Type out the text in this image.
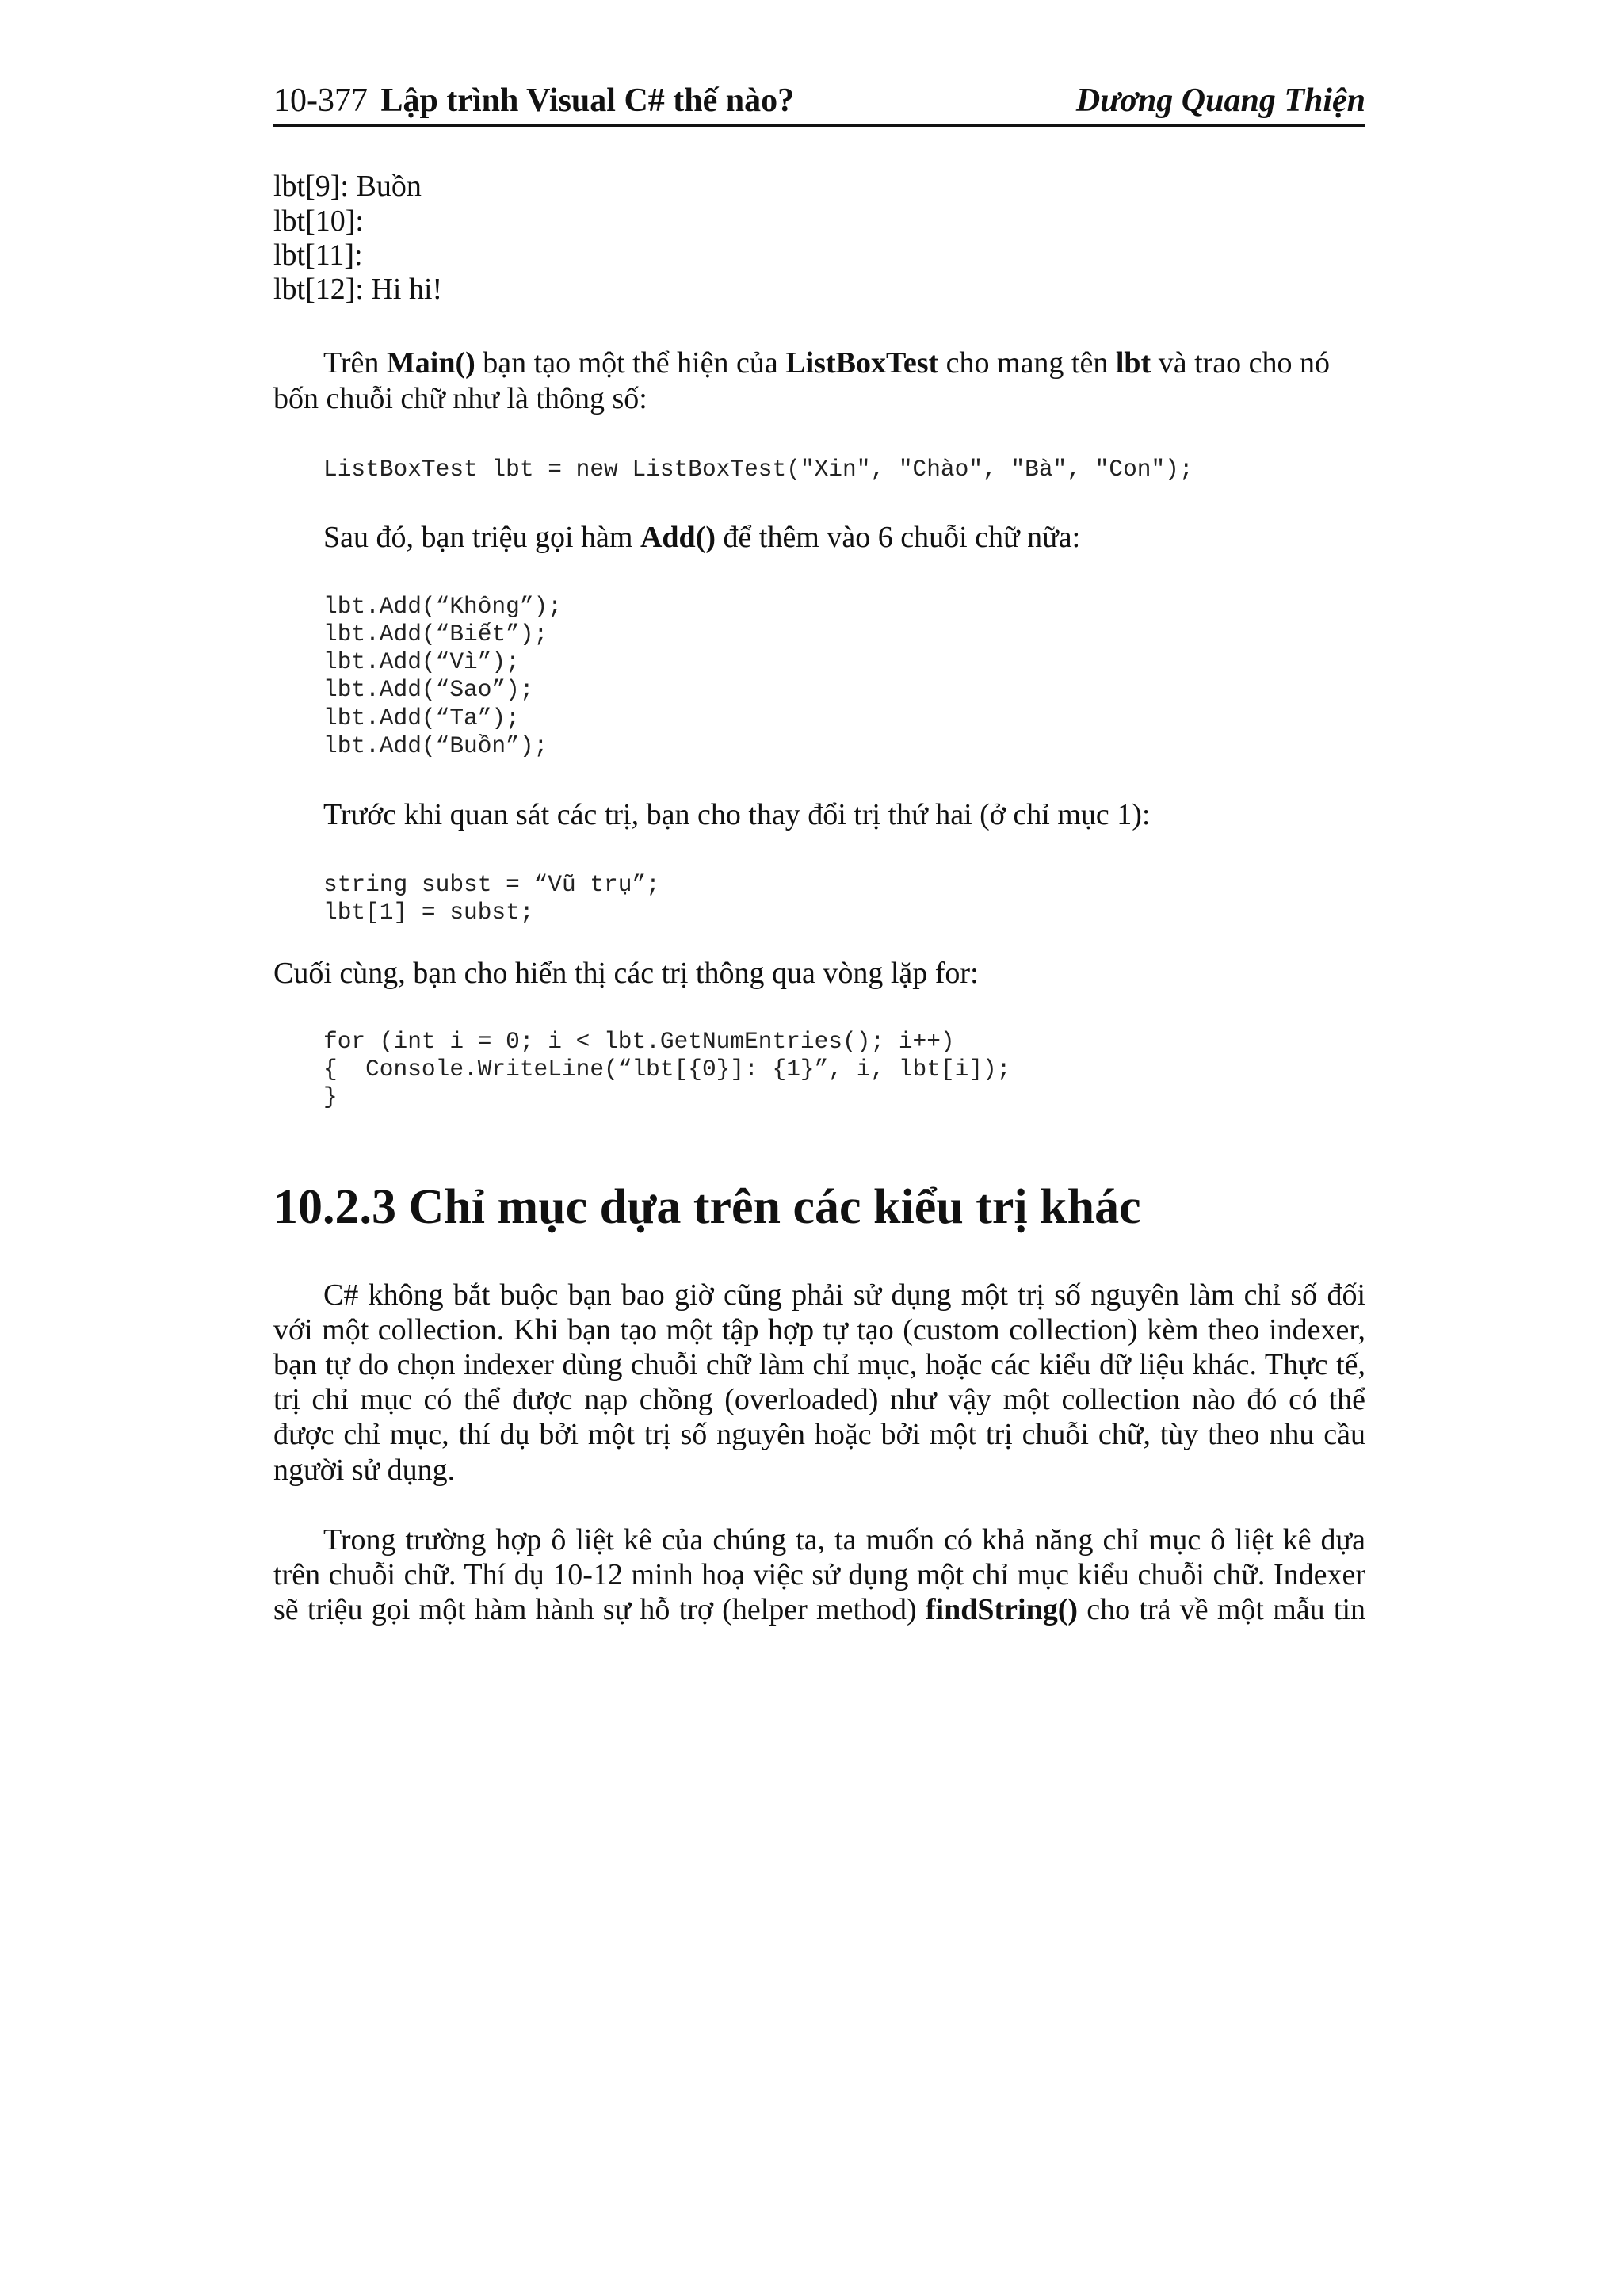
10-377 Lập trình Visual C# thế nào?	Dương Quang Thiện
lbt[9]: Buồn
lbt[10]:
lbt[11]:
lbt[12]: Hi hi!
Trên Main() bạn tạo một thể hiện của ListBoxTest cho mang tên lbt và trao cho nó
bốn chuỗi chữ như là thông số:
ListBoxTest lbt = new ListBoxTest("Xin", "Chào", "Bà", "Con");
Sau đó, bạn triệu gọi hàm Add() để thêm vào 6 chuỗi chữ nữa:
lbt.Add(“Không”);
lbt.Add(“Biết”);
lbt.Add(“Vì”);
lbt.Add(“Sao”);
lbt.Add(“Ta”);
lbt.Add(“Buồn”);
Trước khi quan sát các trị, bạn cho thay đổi trị thứ hai (ở chỉ mục 1):
string subst = “Vũ trụ”;
lbt[1] = subst;
Cuối cùng, bạn cho hiển thị các trị thông qua vòng lặp for:
for (int i = 0; i < lbt.GetNumEntries(); i++)
{  Console.WriteLine(“lbt[{0}]: {1}”, i, lbt[i]);
}
10.2.3 Chỉ mục dựa trên các kiểu trị khác
C# không bắt buộc bạn bao giờ cũng phải sử dụng một trị số nguyên làm chỉ số đối
với một collection. Khi bạn tạo một tập hợp tự tạo (custom collection) kèm theo indexer,
bạn tự do chọn indexer dùng chuỗi chữ làm chỉ mục, hoặc các kiểu dữ liệu khác. Thực tế,
trị chỉ mục có thể được nạp chồng (overloaded) như vậy một collection nào đó có thể
được chỉ mục, thí dụ bởi một trị số nguyên hoặc bởi một trị chuỗi chữ, tùy theo nhu cầu
người sử dụng.
Trong trường hợp ô liệt kê của chúng ta, ta muốn có khả năng chỉ mục ô liệt kê dựa
trên chuỗi chữ. Thí dụ 10-12 minh hoạ việc sử dụng một chỉ mục kiểu chuỗi chữ. Indexer
sẽ triệu gọi một hàm hành sự hỗ trợ (helper method) findString() cho trả về một mẫu tin
